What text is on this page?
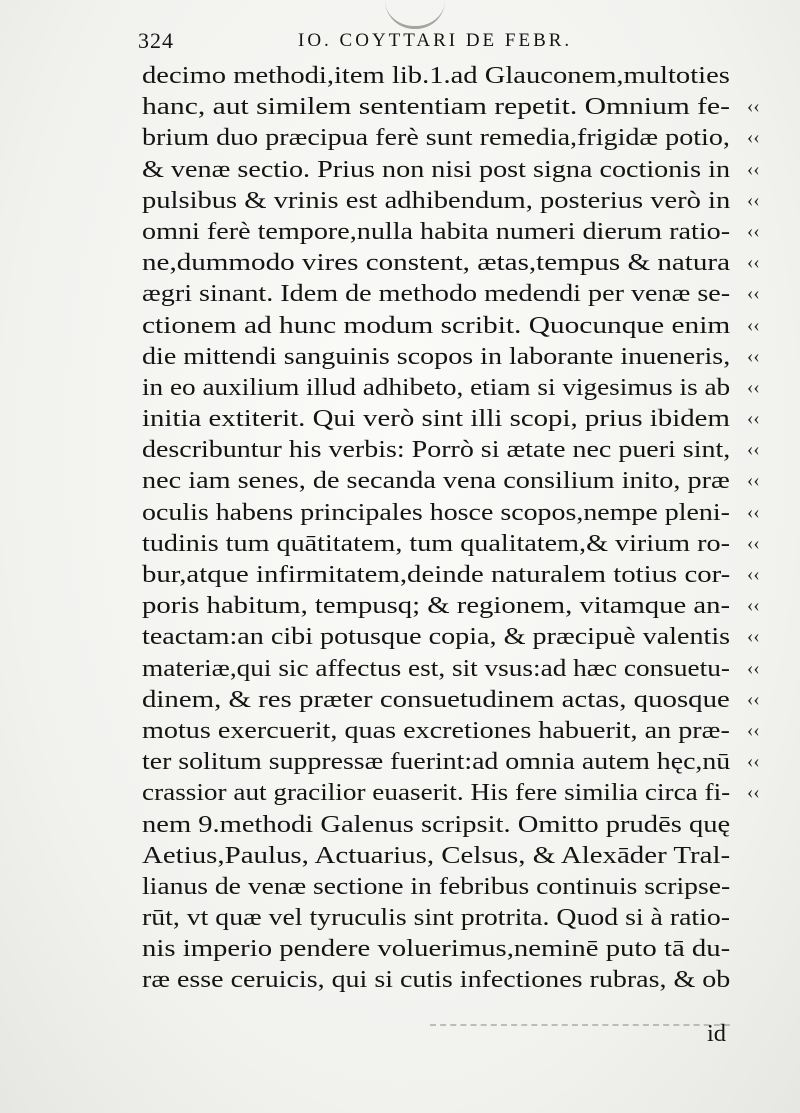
324	IO. COYTTARI DE FEBR.
decimo methodi,item lib.1.ad Glauconem,multoties
hanc, aut similem sententiam repetit. Omnium fe- ‹‹
brium duo præcipua ferè sunt remedia,frigidæ potio, ‹‹
& venæ sectio. Prius non nisi post signa coctionis in ‹‹
pulsibus & vrinis est adhibendum, posterius verò in ‹‹
omni ferè tempore,nulla habita numeri dierum ratio- ‹‹
ne,dummodo vires constent, ætas,tempus & natura ‹‹
ægri sinant. Idem de methodo medendi per venæ se- ‹‹
ctionem ad hunc modum scribit. Quocunque enim ‹‹
die mittendi sanguinis scopos in laborante inueneris, ‹‹
in eo auxilium illud adhibeto, etiam si vigesimus is ab ‹‹
initia extiterit. Qui verò sint illi scopi, prius ibidem ‹‹
describuntur his verbis: Porrò si ætate nec pueri sint, ‹‹
nec iam senes, de secanda vena consilium inito, præ ‹‹
oculis habens principales hosce scopos,nempe pleni- ‹‹
tudinis tum quātitatem, tum qualitatem,& virium ro- ‹‹
bur,atque infirmitatem,deinde naturalem totius cor- ‹‹
poris habitum, tempusq; & regionem, vitamque an- ‹‹
teactam:an cibi potusque copia, & præcipuè valentis ‹‹
materiæ,qui sic affectus est, sit vsus:ad hæc consuetu- ‹‹
dinem, & res præter consuetudinem actas, quosque ‹‹
motus exercuerit, quas excretiones habuerit, an præ- ‹‹
ter solitum suppressæ fuerint:ad omnia autem hęc,nū ‹‹
crassior aut gracilior euaserit. His fere similia circa fi- ‹‹
nem 9.methodi Galenus scripsit. Omitto prudēs quę
Aetius,Paulus, Actuarius, Celsus, & Alexāder Tral-
lianus de venæ sectione in febribus continuis scripse-
rūt, vt quæ vel tyruculis sint protrita. Quod si à ratio-
nis imperio pendere voluerimus,neminē puto tā du-
ræ esse ceruicis, qui si cutis infectiones rubras, & ob
id
